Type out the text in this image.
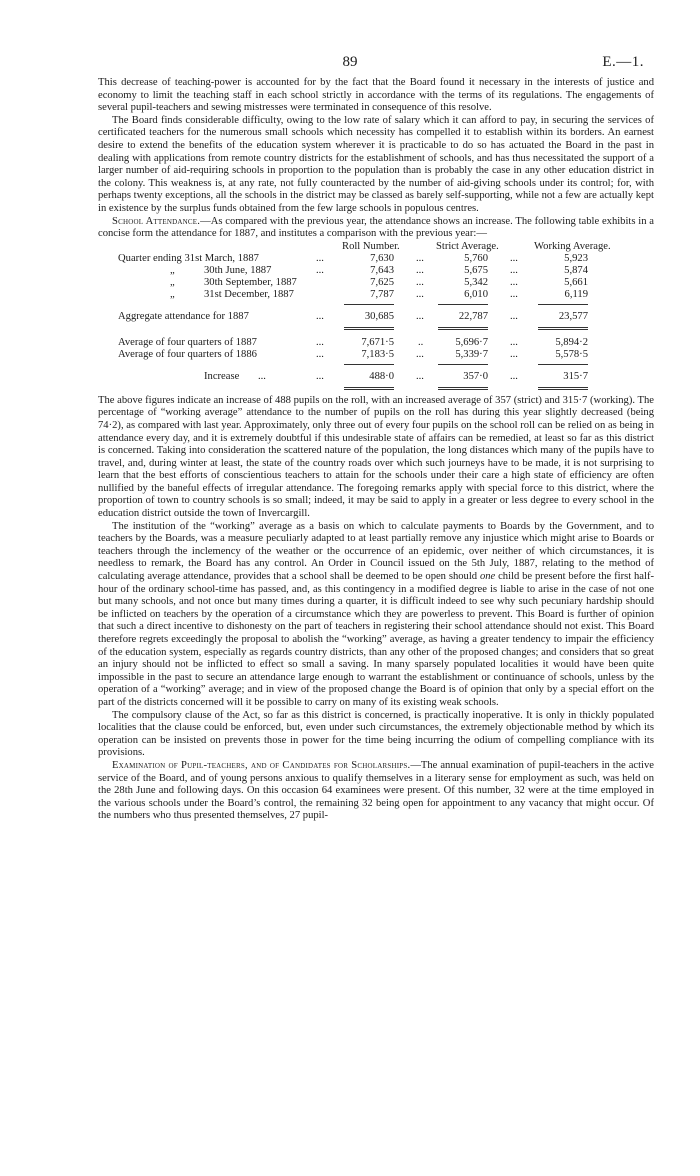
89	E.—1.

This decrease of teaching-power is accounted for by the fact that the Board found it necessary in the interests of justice and economy to limit the teaching staff in each school strictly in accordance with the terms of its regulations. The engagements of several pupil-teachers and sewing mistresses were terminated in consequence of this resolve.

The Board finds considerable difficulty, owing to the low rate of salary which it can afford to pay, in securing the services of certificated teachers for the numerous small schools which necessity has compelled it to establish within its borders. An earnest desire to extend the benefits of the education system wherever it is practicable to do so has actuated the Board in the past in dealing with applications from remote country districts for the establishment of schools, and has thus necessitated the support of a larger number of aid-requiring schools in proportion to the population than is probably the case in any other education district in the colony. This weakness is, at any rate, not fully counteracted by the number of aid-giving schools under its control; for, with perhaps twenty exceptions, all the schools in the district may be classed as barely self-supporting, while not a few are actually kept in existence by the surplus funds obtained from the few large schools in populous centres.

School Attendance.—As compared with the previous year, the attendance shows an increase. The following table exhibits in a concise form the attendance for 1887, and institutes a comparison with the previous year:—

Roll Number.	Strict Average.	Working Average.
Quarter ending 31st March, 1887	...	7,630 ...	5,760 ...	5,923
„	30th June, 1887	...	7,643 ...	5,675 ...	5,874
„	30th September, 1887	7,625 ...	5,342 ...	5,661
„	31st December, 1887	7,787 ...	6,010 ...	6,119
Aggregate attendance for 1887	...	30,685 ...	22,787 ...	23,577
Average of four quarters of 1887	...	7,671·5 ..	5,696·7 ...	5,894·2
Average of four quarters of 1886	...	7,183·5 ...	5,339·7 ...	5,578·5
Increase ...	...	488·0 ...	357·0 ...	315·7

The above figures indicate an increase of 488 pupils on the roll, with an increased average of 357 (strict) and 315·7 (working). The percentage of “working average” attendance to the number of pupils on the roll has during this year slightly decreased (being 74·2), as compared with last year. Approximately, only three out of every four pupils on the school roll can be relied on as being in attendance every day, and it is extremely doubtful if this undesirable state of affairs can be remedied, at least so far as this district is concerned. Taking into consideration the scattered nature of the population, the long distances which many of the pupils have to travel, and, during winter at least, the state of the country roads over which such journeys have to be made, it is not surprising to learn that the best efforts of conscientious teachers to attain for the schools under their care a high state of efficiency are often nullified by the baneful effects of irregular attendance. The foregoing remarks apply with special force to this district, where the proportion of town to country schools is so small; indeed, it may be said to apply in a greater or less degree to every school in the education district outside the town of Invercargill.

The institution of the “working” average as a basis on which to calculate payments to Boards by the Government, and to teachers by the Boards, was a measure peculiarly adapted to at least partially remove any injustice which might arise to Boards or teachers through the inclemency of the weather or the occurrence of an epidemic, over neither of which circumstances, it is needless to remark, the Board has any control. An Order in Council issued on the 5th July, 1887, relating to the method of calculating average attendance, provides that a school shall be deemed to be open should one child be present before the first half-hour of the ordinary school-time has passed, and, as this contingency in a modified degree is liable to arise in the case of not one but many schools, and not once but many times during a quarter, it is difficult indeed to see why such pecuniary hardship should be inflicted on teachers by the operation of a circumstance which they are powerless to prevent. This Board is further of opinion that such a direct incentive to dishonesty on the part of teachers in registering their school attendance should not exist. This Board therefore regrets exceedingly the proposal to abolish the “working” average, as having a greater tendency to impair the efficiency of the education system, especially as regards country districts, than any other of the proposed changes; and considers that so great an injury should not be inflicted to effect so small a saving. In many sparsely populated localities it would have been quite impossible in the past to secure an attendance large enough to warrant the establishment or continuance of schools, unless by the operation of a “working” average; and in view of the proposed change the Board is of opinion that only by a special effort on the part of the districts concerned will it be possible to carry on many of its existing weak schools.

The compulsory clause of the Act, so far as this district is concerned, is practically inoperative. It is only in thickly populated localities that the clause could be enforced, but, even under such circumstances, the extremely objectionable method by which its operation can be insisted on prevents those in power for the time being incurring the odium of compelling compliance with its provisions.

Examination of Pupil-teachers, and of Candidates for Scholarships.—The annual examination of pupil-teachers in the active service of the Board, and of young persons anxious to qualify themselves in a literary sense for employment as such, was held on the 28th June and following days. On this occasion 64 examinees were present. Of this number, 32 were at the time employed in the various schools under the Board’s control, the remaining 32 being open for appointment to any vacancy that might occur. Of the numbers who thus presented themselves, 27 pupil-
